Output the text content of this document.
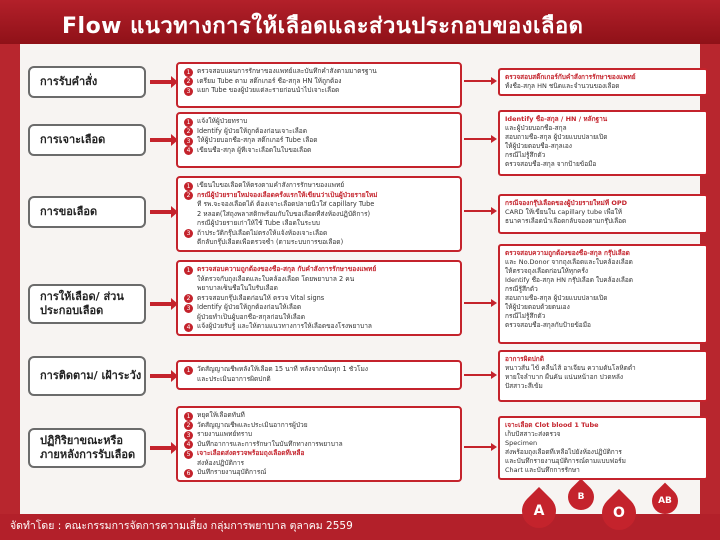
Flow แนวทางการให้เลือดและส่วนประกอบของเลือด
การรับคำสั่ง
1 ตรวจสอบแผนการรักษาของแพทย์และบันทึกคำสั่งตามมาตรฐาน
2 เตรียม Tube ตาม สติ๊กเกอร์ ชื่อ-สกุล HN ให้ถูกต้อง
3 แยก Tube ของผู้ป่วยแต่ละรายก่อนนำไปเจาะเลือด
ตรวจสอบสติ๊กเกอร์กับคำสั่งการรักษาของแพทย์
ทั้งชื่อ-สกุล HN ชนิดและจำนวนของเลือด
การเจาะเลือด
1 แจ้งให้ผู้ป่วยทราบ
2 Identify ผู้ป่วยให้ถูกต้องก่อนเจาะเลือด
3 ให้ผู้ป่วยบอกชื่อ-สกุล สติ๊กเกอร์ Tube เลือด
4 เขียนชื่อ-สกุล ผู้ที่เจาะเลือดในใบขอเลือด
Identify ชื่อ-สกุล / HN / หลักฐาน
และผู้ป่วยบอกชื่อ-สกุล
สอบถามชื่อ-สกุล ผู้ป่วยแบบปลายเปิด
ให้ผู้ป่วยตอบชื่อ-สกุลเอง
กรณีไม่รู้สึกตัว
ตรวจสอบชื่อ-สกุล จากป้ายข้อมือ
การขอเลือด
1 เขียนใบขอเลือดให้ตรงตามคำสั่งการรักษาของแพทย์
2 กรณีผู้ป่วยรายใหม่จองเลือดครั้งแรกให้เขียนว่าเป็นผู้ป่วยรายใหม่
ที่ รพ.จะจองเลือดได้ ต้องเจาะเลือดปลายนิ้วใส่ capillary Tube
2 หลอด(ใส่ถุงพลาสติกพร้อมกับใบขอเลือดที่ส่งห้องปฏิบัติการ)
กรณีผู้ป่วยรายเก่าให้ใช้ Tube เลือดในระบบ
3 ถ้าประวัติกรุ๊ปเลือดไม่ตรงให้แจ้งห้องเจาะเลือด
ตีกลับกรุ๊ปเลือดเพื่อตรวจซ้ำ (ตามระบบการขอเลือด)
กรณีจองกรุ๊ปเลือดของผู้ป่วยรายใหม่ที่ OPD
CARD ให้เขียนใน capillary tube เพื่อให้
ธนาคารเลือดนำเลือดกลับจองตามกรุ๊ปเลือด
การให้เลือด/ ส่วนประกอบเลือด
1 ตรวจสอบความถูกต้องของชื่อ-สกุล กับคำสั่งการรักษาของแพทย์
ให้ตรวจกับถุงเลือดและใบคล้องเลือด โดยพยาบาล 2 คน
พยาบาลเซ็นชื่อในใบรับเลือด
2 ตรวจสอบกรุ๊ปเลือดก่อนให้ ตรวจ Vital signs
3 Identify ผู้ป่วยให้ถูกต้องก่อนให้เลือด
ผู้ป่วยทำเป็นผู้บอกชื่อ-สกุลก่อนให้เลือด
4 แจ้งผู้ป่วยรับรู้ และให้ตามแนวทางการให้เลือดของโรงพยาบาล
ตรวจสอบความถูกต้องของชื่อ-สกุล กรุ๊ปเลือด
และ No.Donor จากถุงเลือดและใบคล้องเลือด
ให้ตรวจถุงเลือดก่อนให้ทุกครั้ง
Identify ชื่อ-สกุล HN กรุ๊ปเลือด ใบคล้องเลือด
กรณีรู้สึกตัว
สอบถามชื่อ-สกุล ผู้ป่วยแบบปลายเปิด
ให้ผู้ป่วยตอบด้วยตนเอง
กรณีไม่รู้สึกตัว
ตรวจสอบชื่อ-สกุลกับป้ายข้อมือ
การติดตาม/ เฝ้าระวัง	1 วัดสัญญาณชีพหลังให้เลือด 15 นาที หลังจากนั้นทุก 1 ชั่วโมง
และประเมินอาการผิดปกติ
อาการผิดปกติ
หนาวสั่น ไข้ คลื่นไส้ อาเจียน ความดันโลหิตต่ำ
หายใจลำบาก ผื่นคัน แน่นหน้าอก ปวดหลัง
ปัสสาวะสีเข้ม
ปฏิกิริยาขณะหรือ ภายหลังการรับเลือด
1 หยุดให้เลือดทันที
2 วัดสัญญาณชีพและประเมินอาการผู้ป่วย
3 รายงานแพทย์ทราบ
4 บันทึกอาการและการรักษาในบันทึกทางการพยาบาล
5 เจาะเลือดส่งตรวจพร้อมถุงเลือดที่เหลือ
ส่งห้องปฏิบัติการ
6 บันทึกรายงานอุบัติการณ์
เจาะเลือด Clot blood 1 Tube
เก็บปัสสาวะส่งตรวจ
Specimen
ส่งพร้อมถุงเลือดที่เหลือไปยังห้องปฏิบัติการ
และบันทึกรายงานอุบัติการณ์ตามแบบฟอร์ม
Chart และบันทึกการรักษา
จัดทำโดย : คณะกรรมการจัดการความเสี่ยง กลุ่มการพยาบาล ตุลาคม 2559
A
B
O
AB
